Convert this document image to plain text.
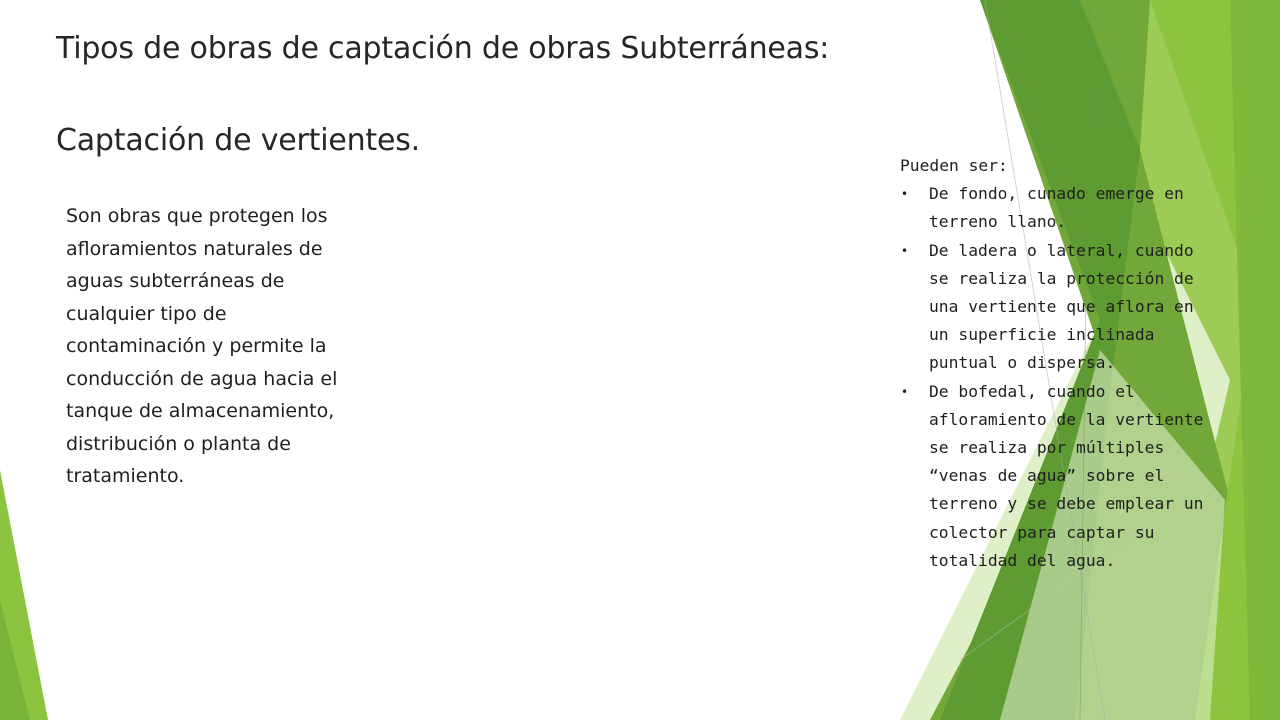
Tipos de obras de captación de obras Subterráneas:
Captación de vertientes.

Son obras que protegen los afloramientos naturales de aguas subterráneas de cualquier tipo de contaminación y permite la conducción de agua hacia el tanque de almacenamiento, distribución o planta de tratamiento.

Pueden ser:

• De fondo, cunado emerge en terreno llano.
• De ladera o lateral, cuando se realiza la protección de una vertiente que aflora en un superficie inclinada puntual o dispersa.
• De bofedal, cuando el afloramiento de la vertiente se realiza por múltiples “venas de agua” sobre el terreno y se debe emplear un colector para captar su totalidad del agua.
